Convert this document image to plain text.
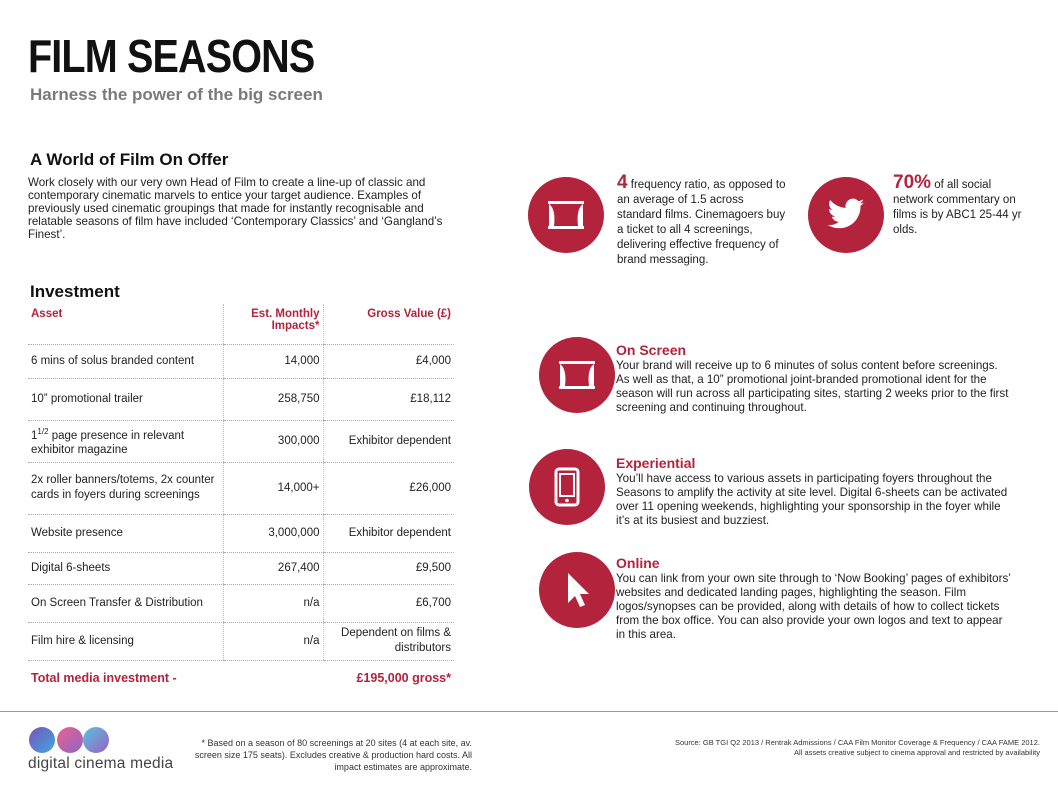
FILM SEASONS
Harness the power of the big screen
A World of Film On Offer
Work closely with our very own Head of Film to create a line-up of classic and contemporary cinematic marvels to entice your target audience. Examples of previously used cinematic groupings that made for instantly recognisable and relatable seasons of film have included ‘Contemporary Classics’ and ‘Gangland’s Finest’.
Investment
Asset	Est. Monthly Impacts*	Gross Value (£)
6 mins of solus branded content	14,000	£4,000
10” promotional trailer	258,750	£18,112
$1^{1/2}$ page presence in relevant exhibitor magazine	300,000	Exhibitor dependent
2x roller banners/totems, 2x counter cards in foyers during screenings	14,000+	£26,000
Website presence	3,000,000	Exhibitor dependent
Digital 6-sheets	267,400	£9,500
On Screen Transfer & Distribution	n/a	£6,700
Film hire & licensing	n/a	Dependent on films & distributors
Total media investment -		£195,000 gross*
4 frequency ratio, as opposed to an average of 1.5 across standard films. Cinemagoers buy a ticket to all 4 screenings, delivering effective frequency of brand messaging.
70% of all social network commentary on films is by ABC1 25-44 yr olds.
On Screen
Your brand will receive up to 6 minutes of solus content before screenings. As well as that, a 10” promotional joint-branded promotional ident for the season will run across all participating sites, starting 2 weeks prior to the first screening and continuing throughout.
Experiential
You’ll have access to various assets in participating foyers throughout the Seasons to amplify the activity at site level. Digital 6-sheets can be activated over 11 opening weekends, highlighting your sponsorship in the foyer while it’s at its busiest and buzziest.
Online
You can link from your own site through to ‘Now Booking’ pages of exhibitors’ websites and dedicated landing pages, highlighting the season. Film logos/synopses can be provided, along with details of how to collect tickets from the box office. You can also provide your own logos and text to appear in this area.
digital cinema media
* Based on a season of 80 screenings at 20 sites (4 at each site, av. screen size 175 seats). Excludes creative & production hard costs. All impact estimates are approximate.
Source: GB TGI Q2 2013 / Rentrak Admissions / CAA Film Monitor Coverage & Frequency / CAA FAME 2012.
All assets creative subject to cinema approval and restricted by availability
